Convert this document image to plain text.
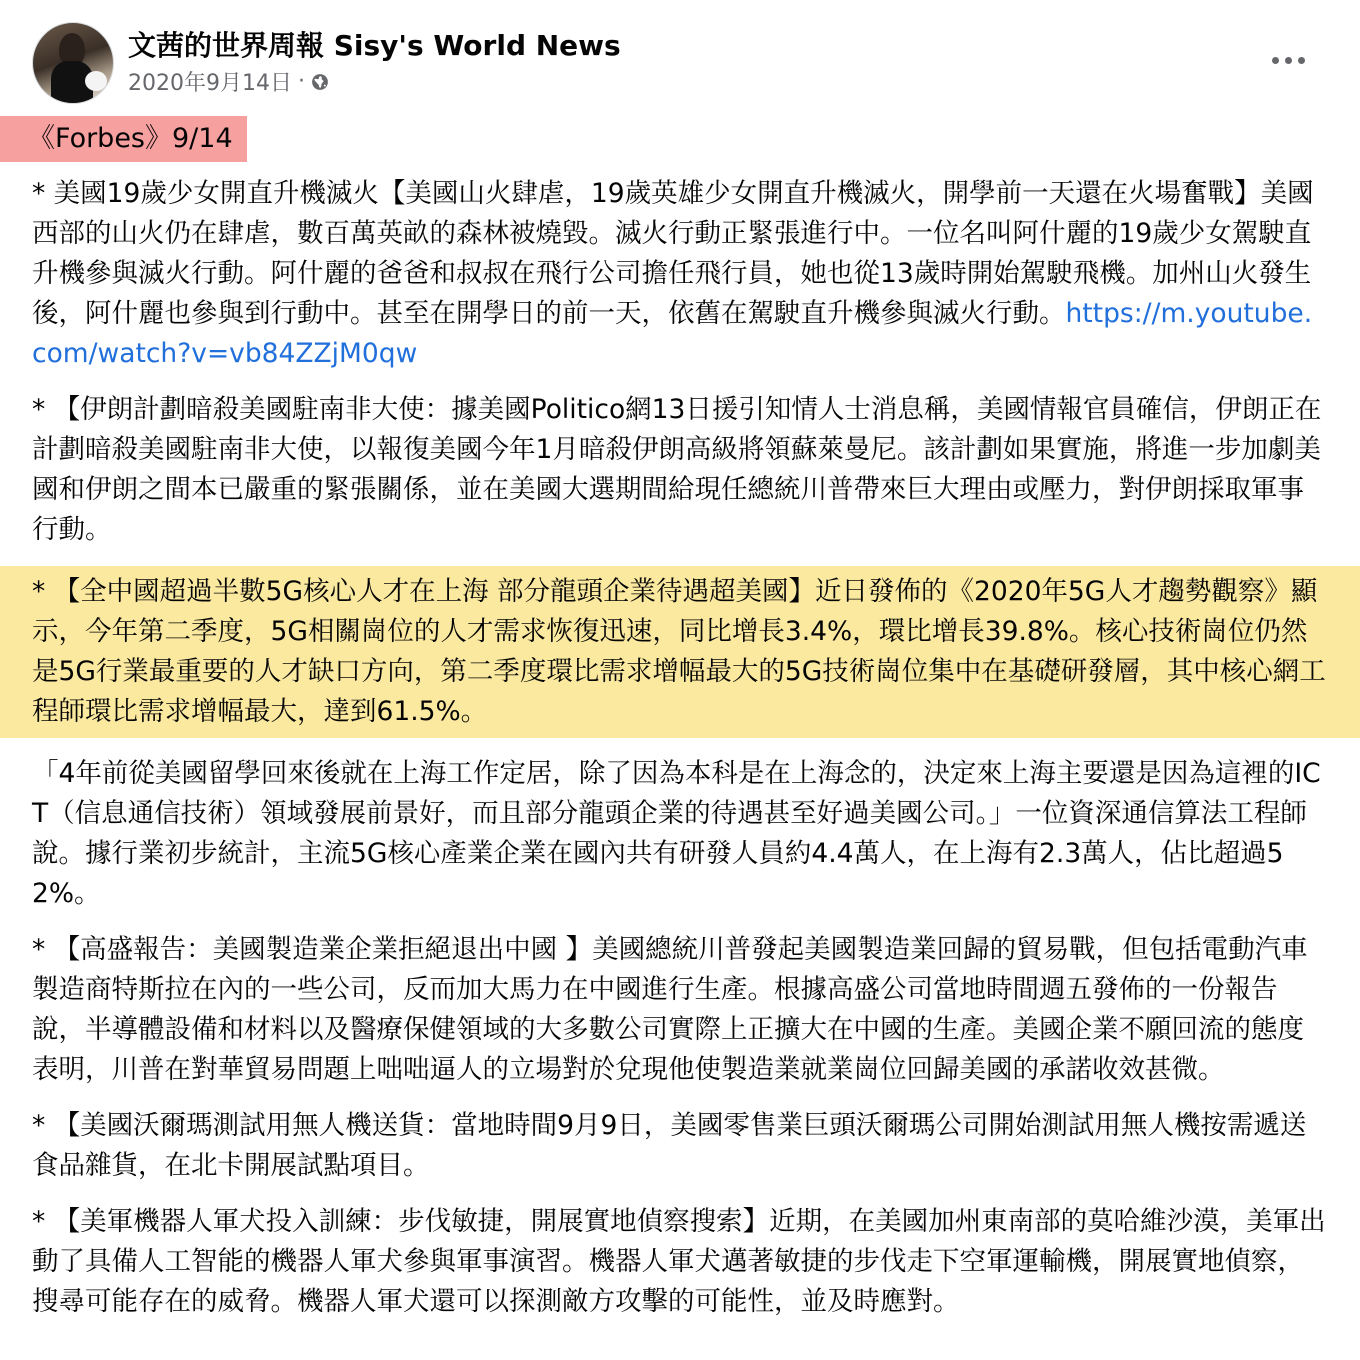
文茜的世界周報 Sisy's World News
2020年9月14日 ·
《Forbes》9/14

* 美國19歲少女開直升機滅火【美國山火肆虐，19歲英雄少女開直升機滅火，開學前一天還在火場奮戰】美國西部的山火仍在肆虐，數百萬英畝的森林被燒毀。滅火行動正緊張進行中。一位名叫阿什麗的19歲少女駕駛直升機參與滅火行動。阿什麗的爸爸和叔叔在飛行公司擔任飛行員，她也從13歲時開始駕駛飛機。加州山火發生後，阿什麗也參與到行動中。甚至在開學日的前一天，依舊在駕駛直升機參與滅火行動。https://m.youtube.com/watch?v=vb84ZZjM0qw

* 【伊朗計劃暗殺美國駐南非大使：據美國Politico網13日援引知情人士消息稱，美國情報官員確信，伊朗正在計劃暗殺美國駐南非大使，以報復美國今年1月暗殺伊朗高級將領蘇萊曼尼。該計劃如果實施，將進一步加劇美國和伊朗之間本已嚴重的緊張關係，並在美國大選期間給現任總統川普帶來巨大理由或壓力，對伊朗採取軍事行動。

* 【全中國超過半數5G核心人才在上海 部分龍頭企業待遇超美國】近日發佈的《2020年5G人才趨勢觀察》顯示，今年第二季度，5G相關崗位的人才需求恢復迅速，同比增長3.4%，環比增長39.8%。核心技術崗位仍然是5G行業最重要的人才缺口方向，第二季度環比需求增幅最大的5G技術崗位集中在基礎研發層，其中核心網工程師環比需求增幅最大，達到61.5%。

「4年前從美國留學回來後就在上海工作定居，除了因為本科是在上海念的，決定來上海主要還是因為這裡的ICT（信息通信技術）領域發展前景好，而且部分龍頭企業的待遇甚至好過美國公司。」一位資深通信算法工程師說。據行業初步統計，主流5G核心產業企業在國內共有研發人員約4.4萬人，在上海有2.3萬人，佔比超過52%。

* 【高盛報告：美國製造業企業拒絕退出中國 】美國總統川普發起美國製造業回歸的貿易戰，但包括電動汽車製造商特斯拉在內的一些公司，反而加大馬力在中國進行生產。根據高盛公司當地時間週五發佈的一份報告說，半導體設備和材料以及醫療保健領域的大多數公司實際上正擴大在中國的生產。美國企業不願回流的態度表明，川普在對華貿易問題上咄咄逼人的立場對於兌現他使製造業就業崗位回歸美國的承諾收效甚微。

* 【美國沃爾瑪測試用無人機送貨：當地時間9月9日，美國零售業巨頭沃爾瑪公司開始測試用無人機按需遞送食品雜貨，在北卡開展試點項目。

* 【美軍機器人軍犬投入訓練：步伐敏捷，開展實地偵察搜索】近期，在美國加州東南部的莫哈維沙漠，美軍出動了具備人工智能的機器人軍犬參與軍事演習。機器人軍犬邁著敏捷的步伐走下空軍運輸機，開展實地偵察，搜尋可能存在的威脅。機器人軍犬還可以探測敵方攻擊的可能性，並及時應對。
